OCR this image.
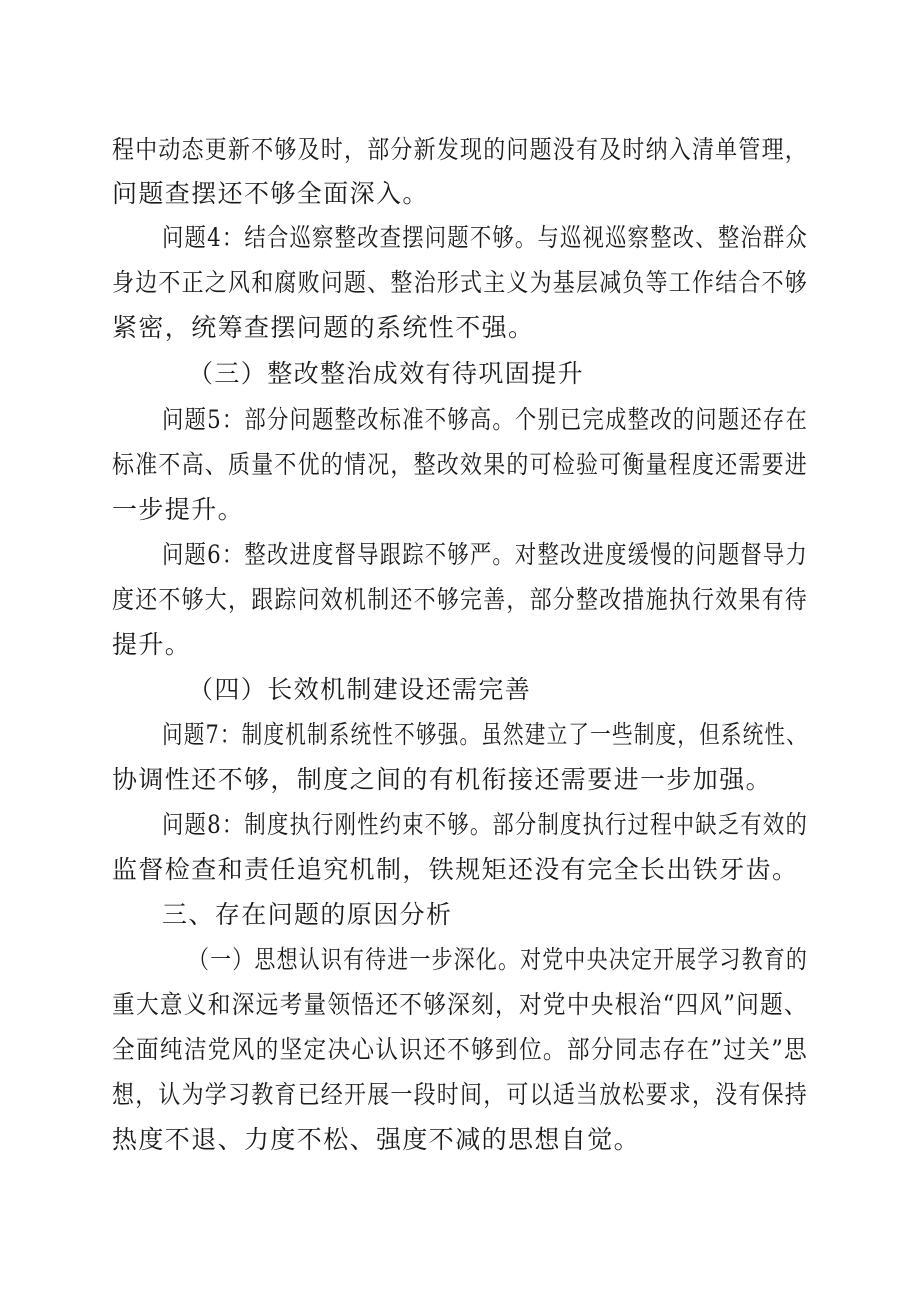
程中动态更新不够及时，部分新发现的问题没有及时纳入清单管理，
问题查摆还不够全面深入。
问题4：结合巡察整改查摆问题不够。与巡视巡察整改、整治群众
身边不正之风和腐败问题、整治形式主义为基层减负等工作结合不够
紧密，统筹查摆问题的系统性不强。
（三）整改整治成效有待巩固提升
问题5：部分问题整改标准不够高。个别已完成整改的问题还存在
标准不高、质量不优的情况，整改效果的可检验可衡量程度还需要进
一步提升。
问题6：整改进度督导跟踪不够严。对整改进度缓慢的问题督导力
度还不够大，跟踪问效机制还不够完善，部分整改措施执行效果有待
提升。
（四）长效机制建设还需完善
问题7：制度机制系统性不够强。虽然建立了一些制度，但系统性、
协调性还不够，制度之间的有机衔接还需要进一步加强。
问题8：制度执行刚性约束不够。部分制度执行过程中缺乏有效的
监督检查和责任追究机制，铁规矩还没有完全长出铁牙齿。
三、存在问题的原因分析
（一）思想认识有待进一步深化。对党中央决定开展学习教育的
重大意义和深远考量领悟还不够深刻，对党中央根治“四风”问题、
全面纯洁党风的坚定决心认识还不够到位。部分同志存在”过关”思
想，认为学习教育已经开展一段时间，可以适当放松要求，没有保持
热度不退、力度不松、强度不减的思想自觉。
